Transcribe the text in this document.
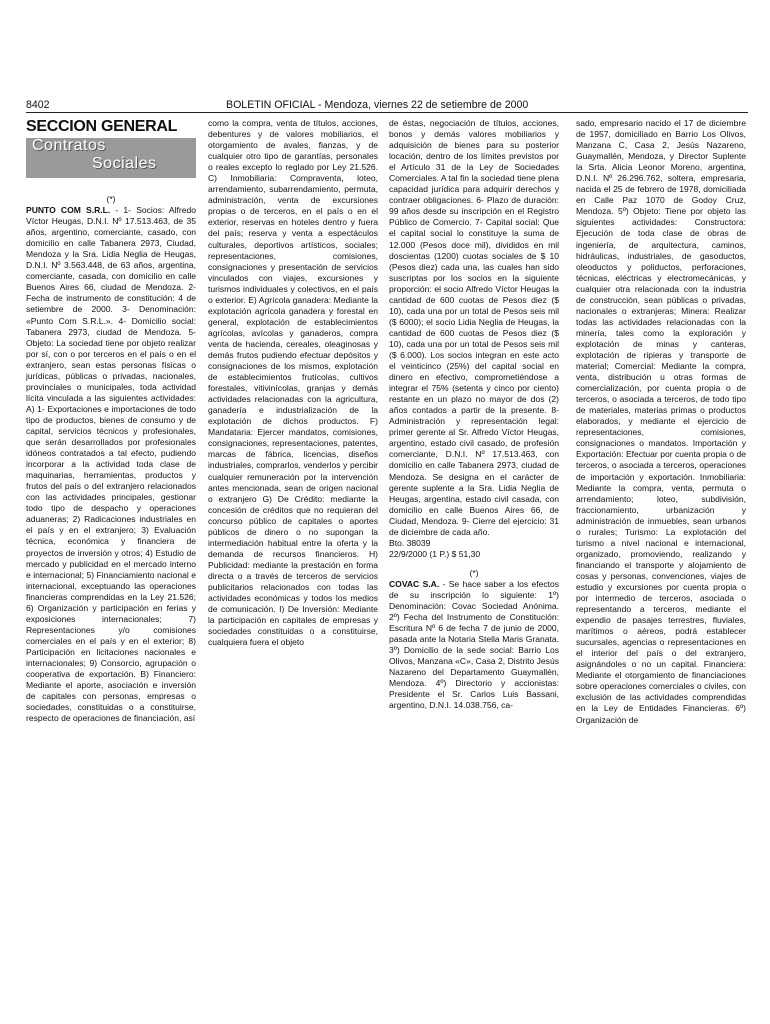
8402	BOLETIN OFICIAL - Mendoza, viernes 22 de setiembre de 2000
SECCION GENERAL
Contratos
Sociales

(*)

PUNTO COM S.R.L. - 1- Socios: Alfredo Víctor Heugas, D.N.I. Nº 17.513.463, de 35 años, argentino, comerciante, casado, con domicilio en calle Tabanera 2973, Ciudad, Mendoza y la Sra. Lidia Neglia de Heugas, D.N.I. Nº 3.563.448, de 63 años, argentina, comerciante, casada, con domicilio en calle Buenos Aires 66, ciudad de Mendoza. 2- Fecha de instrumento de constitución: 4 de setiembre de 2000. 3- Denominación: «Punto Com S.R.L.». 4- Domicilio social: Tabanera 2973, ciudad de Mendoza. 5- Objeto: La sociedad tiene por objeto realizar por sí, con o por terceros en el país o en el extranjero, sean estas personas físicas o jurídicas, públicas o privadas, nacionales, provinciales o municipales, toda actividad lícita vinculada a las siguientes actividades: A) 1- Exportaciones e importaciones de todo tipo de productos, bienes de consumo y de capital, servicios técnicos y profesionales, que serán desarrollados por profesionales idóneos contratados a tal efecto, pudiendo incorporar a la actividad toda clase de maquinarias, herramientas, productos y frutos del país o del extranjero relacionados con las actividades principales, gestionar todo tipo de despacho y operaciones aduaneras; 2) Radicaciones industriales en el país y en el extranjero; 3) Evaluación técnica, económica y financiera de proyectos de inversión y otros; 4) Estudio de mercado y publicidad en el mercado interno e internacional; 5) Financiamiento nacional e internacional, exceptuando las operaciones financieras comprendidas en la Ley 21.526; 6) Organización y participación en ferias y exposiciones internacionales; 7) Representaciones y/o comisiones comerciales en el país y en el exterior; 8) Participación en licitaciones nacionales e internacionales; 9) Consorcio, agrupación o cooperativa de exportación. B) Financiero: Mediante el aporte, asociación e inversión de capitales con personas, empresas o sociedades, constituidas o a constituirse, respecto de operaciones de financiación, así

como la compra, venta de títulos, acciones, debentures y de valores mobiliarios, el otorgamiento de avales, fianzas, y de cualquier otro tipo de garantías, personales o reales excepto lo reglado por Ley 21.526. C) Inmobiliaria: Compraventa, loteo, arrendamiento, subarrendamiento, permuta, administración, venta de excursiones propias o de terceros, en el país o en el exterior, reservas en hoteles dentro y fuera del país; reserva y venta a espectáculos culturales, deportivos artísticos, sociales; representaciones, comisiones, consignaciones y presentación de servicios vinculados con viajes, excursiones y turismos individuales y colectivos, en el país o exterior. E) Agrícola ganadera: Mediante la explotación agrícola ganadera y forestal en general, explotación de establecimientos agrícolas, avícolas y ganaderos, compra venta de hacienda, cereales, oleaginosas y demás frutos pudiendo efectuar depósitos y consignaciones de los mismos, explotación de establecimientos frutícolas, cultivos forestales, vitivinícolas, granjas y demás actividades relacionadas con la agricultura, ganadería e industrialización de la explotación de dichos productos. F) Mandataria: Ejercer mandatos, comisiones, consignaciones, representaciones, patentes, marcas de fábrica, licencias, diseños industriales, comprarlos, venderlos y percibir cualquier remuneración por la intervención antes mencionada, sean de origen nacional o extranjero G) De Crédito: mediante la concesión de créditos que no requieran del concurso público de capitales o aportes públicos de dinero o no supongan la intermediación habitual entre la oferta y la demanda de recursos financieros. H) Publicidad: mediante la prestación en forma directa o a través de terceros de servicios publicitarios relacionados con todas las actividades económicas y todos los medios de comunicación. I) De Inversión: Mediante la participación en capitales de empresas y sociedades constituidas o a constituirse, cualquiera fuera el objeto

de éstas, negociación de títulos, acciones, bonos y demás valores mobiliarios y adquisición de bienes para su posterior locación, dentro de los límites previstos por el Artículo 31 de la Ley de Sociedades Comerciales. A tal fin la sociedad tiene plena capacidad jurídica para adquirir derechos y contraer obligaciones. 6- Plazo de duración: 99 años desde su inscripción en el Registro Público de Comercio. 7- Capital social: Que el capital social lo constituye la suma de 12.000 (Pesos doce mil), divididos en mil doscientas (1200) cuotas sociales de $ 10 (Pesos diez) cada una, las cuales han sido suscriptas por los socios en la siguiente proporción: el socio Alfredo Víctor Heugas la cantidad de 600 cuotas de Pesos diez ($ 10), cada una por un total de Pesos seis mil ($ 6000); el socio Lidia Neglia de Heugas, la cantidad de 600 cuotas de Pesos diez ($ 10), cada una por un total de Pesos seis mil ($ 6.000). Los socios integran en este acto el veinticinco (25%) del capital social en dinero en efectivo, comprometiéndose a integrar el 75% (setenta y cinco por ciento) restante en un plazo no mayor de dos (2) años contados a partir de la presente. 8- Administración y representación legal: primer gerente al Sr. Alfredo Víctor Heugas, argentino, estado civil casado, de profesión comerciante, D.N.I. Nº 17.513.463, con domicilio en calle Tabanera 2973, ciudad de Mendoza. Se designa en el carácter de gerente suplente a la Sra. Lidia Neglia de Heugas, argentina, estado civil casada, con domicilio en calle Buenos Aires 66, de Ciudad, Mendoza. 9- Cierre del ejercicio: 31 de diciembre de cada año.

Bto. 38039

22/9/2000 (1 P.) $ 51,30

(*)

COVAC S.A. - Se hace saber a los efectos de su inscripción lo siguiente: 1º) Denominación: Covac Sociedad Anónima. 2º) Fecha del Instrumento de Constitución: Escritura Nº 6 de fecha 7 de junio de 2000, pasada ante la Notaria Stella Maris Granata. 3º) Domicilio de la sede social: Barrio Los Olivos, Manzana «C», Casa 2, Distrito Jesús Nazareno del Departamento Guaymallén, Mendoza. 4º) Directorio y accionistas: Presidente el Sr. Carlos Luis Bassani, argentino, D.N.I. 14.038.756, ca-

sado, empresario nacido el 17 de diciembre de 1957, domiciliado en Barrio Los Olivos, Manzana C, Casa 2, Jesús Nazareno, Guaymallén, Mendoza, y Director Suplente la Srta. Alicia Leonor Moreno, argentina, D.N.I. Nº 26.296.762, soltera, empresaria, nacida el 25 de febrero de 1978, domiciliada en Calle Paz 1070 de Godoy Cruz, Mendoza. 5º) Objeto: Tiene por objeto las siguientes actividades: Constructora: Ejecución de toda clase de obras de ingeniería, de arquitectura, caminos, hidráulicas, industriales, de gasoductos, oleoductos y poliductos, perforaciones, técnicas, eléctricas y electromecánicas, y cualquier otra relacionada con la industria de construcción, sean públicas o privadas, nacionales o extranjeras; Minera: Realizar todas las actividades relacionadas con la minería, tales como la exploración y explotación de minas y canteras, explotación de ripieras y transporte de material; Comercial: Mediante la compra, venta, distribución u otras formas de comercialización, por cuenta propia o de terceros, o asociada a terceros, de todo tipo de materiales, materias primas o productos elaborados, y mediante el ejercicio de representaciones, comisiones, consignaciones o mandatos. Importación y Exportación: Efectuar por cuenta propia o de terceros, o asociada a terceros, operaciones de importación y exportación. Inmobiliaria: Mediante la compra, venta, permuta o arrendamiento; loteo, subdivisión, fraccionamiento, urbanización y administración de inmuebles, sean urbanos o rurales; Turismo: La explotación del turismo a nivel nacional e internacional, organizado, promoviendo, realizando y financiando el transporte y alojamiento de cosas y personas, convenciones, viajes de estudio y excursiones por cuenta propia o por intermedio de terceros, asociada o representando a terceros, mediante el expendio de pasajes terrestres, fluviales, marítimos o aéreos, podrá establecer sucursales, agencias o representaciones en el interior del país o del extranjero, asignándoles o no un capital. Financiera: Mediante el otorgamiento de financiaciones sobre operaciones comerciales o civiles, con exclusión de las actividades comprendidas en la Ley de Entidades Financieras. 6º) Organización de
